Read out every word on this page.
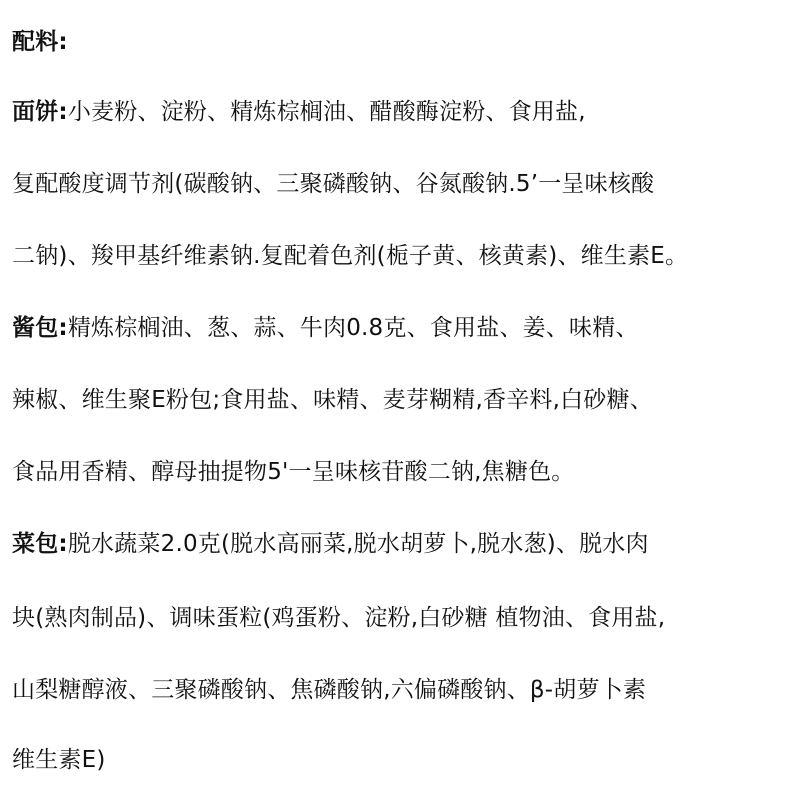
配料:
面饼:小麦粉、淀粉、精炼棕榈油、醋酸酶淀粉、食用盐,
复配酸度调节剂(碳酸钠、三聚磷酸钠、谷氮酸钠.5’一呈味核酸
二钠)、羧甲基纤维素钠.复配着色剂(栀子黄、核黄素)、维生素E。
酱包:精炼棕榈油、葱、蒜、牛肉0.8克、食用盐、姜、味精、
辣椒、维生聚E粉包;食用盐、味精、麦芽糊精,香辛料,白砂糖、
食品用香精、醇母抽提物5'一呈味核苷酸二钠,焦糖色。
菜包:脱水蔬菜2.0克(脱水高丽菜,脱水胡萝卜,脱水葱)、脱水肉
块(熟肉制品)、调味蛋粒(鸡蛋粉、淀粉,白砂糖 植物油、食用盐,
山梨糖醇液、三聚磷酸钠、焦磷酸钠,六偏磷酸钠、β-胡萝卜素
维生素E)
